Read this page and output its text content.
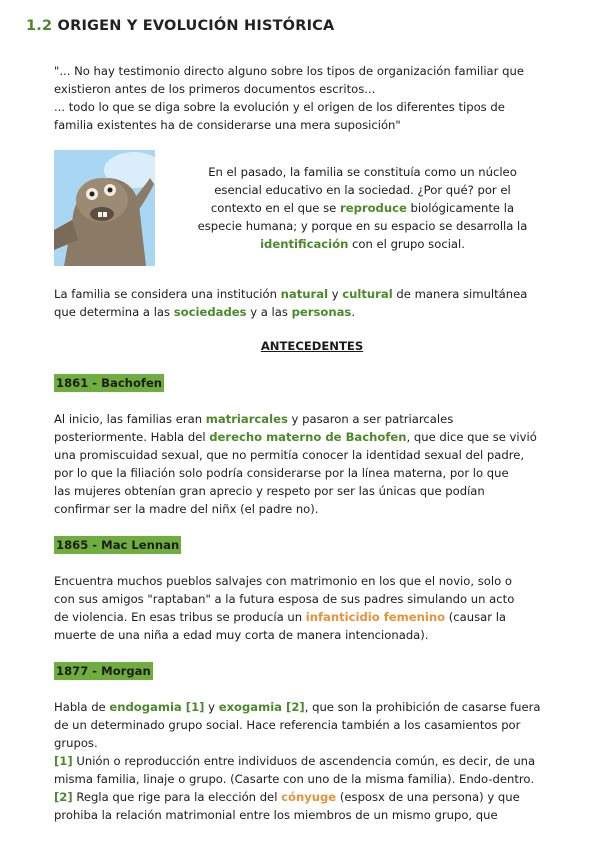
1.2 ORIGEN Y EVOLUCIÓN HISTÓRICA
"... No hay testimonio directo alguno sobre los tipos de organización familiar que
existieron antes de los primeros documentos escritos...
... todo lo que se diga sobre la evolución y el origen de los diferentes tipos de
familia existentes ha de considerarse una mera suposición"
En el pasado, la familia se constituía como un núcleo
esencial educativo en la sociedad. ¿Por qué? por el
contexto en el que se reproduce biológicamente la
especie humana; y porque en su espacio se desarrolla la
identificación con el grupo social.
La familia se considera una institución natural y cultural de manera simultánea
que determina a las sociedades y a las personas.
ANTECEDENTES
1861 - Bachofen
Al inicio, las familias eran matriarcales y pasaron a ser patriarcales
posteriormente. Habla del derecho materno de Bachofen, que dice que se vivió
una promiscuidad sexual, que no permitía conocer la identidad sexual del padre,
por lo que la filiación solo podría considerarse por la línea materna, por lo que
las mujeres obtenían gran aprecio y respeto por ser las únicas que podían
confirmar ser la madre del niñx (el padre no).
1865 - Mac Lennan
Encuentra muchos pueblos salvajes con matrimonio en los que el novio, solo o
con sus amigos "raptaban" a la futura esposa de sus padres simulando un acto
de violencia. En esas tribus se producía un infanticidio femenino (causar la
muerte de una niña a edad muy corta de manera intencionada).
1877 - Morgan
Habla de endogamia [1] y exogamia [2], que son la prohibición de casarse fuera
de un determinado grupo social. Hace referencia también a los casamientos por
grupos.
[1] Unión o reproducción entre individuos de ascendencia común, es decir, de una
misma familia, linaje o grupo. (Casarte con uno de la misma familia). Endo-dentro.
[2] Regla que rige para la elección del cónyuge (esposx de una persona) y que
prohiba la relación matrimonial entre los miembros de un mismo grupo, que
